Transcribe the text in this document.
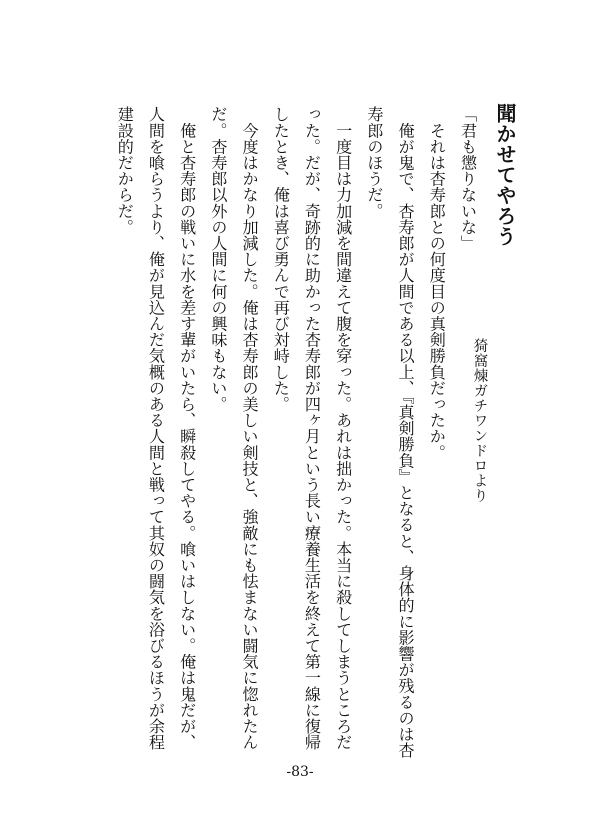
聞かせてやろう
猗窩煉ガチワンドロより
「君も懲りないな」
　それは杏寿郎との何度目の真剣勝負だったか。
　俺が鬼で、杏寿郎が人間である以上、『真剣勝負』となると、身体的に影響が残るのは杏
寿郎のほうだ。
　一度目は力加減を間違えて腹を穿った。あれは拙かった。本当に殺してしまうところだ
った。だが、奇跡的に助かった杏寿郎が四ヶ月という長い療養生活を終えて第一線に復帰
したとき、俺は喜び勇んで再び対峙した。
　今度はかなり加減した。俺は杏寿郎の美しい剣技と、強敵にも怯まない闘気に惚れたん
だ。杏寿郎以外の人間に何の興味もない。
　俺と杏寿郎の戦いに水を差す輩がいたら、瞬殺してやる。喰いはしない。俺は鬼だが、
人間を喰らうより、俺が見込んだ気概のある人間と戦って其奴の闘気を浴びるほうが余程
建設的だからだ。
-83-
